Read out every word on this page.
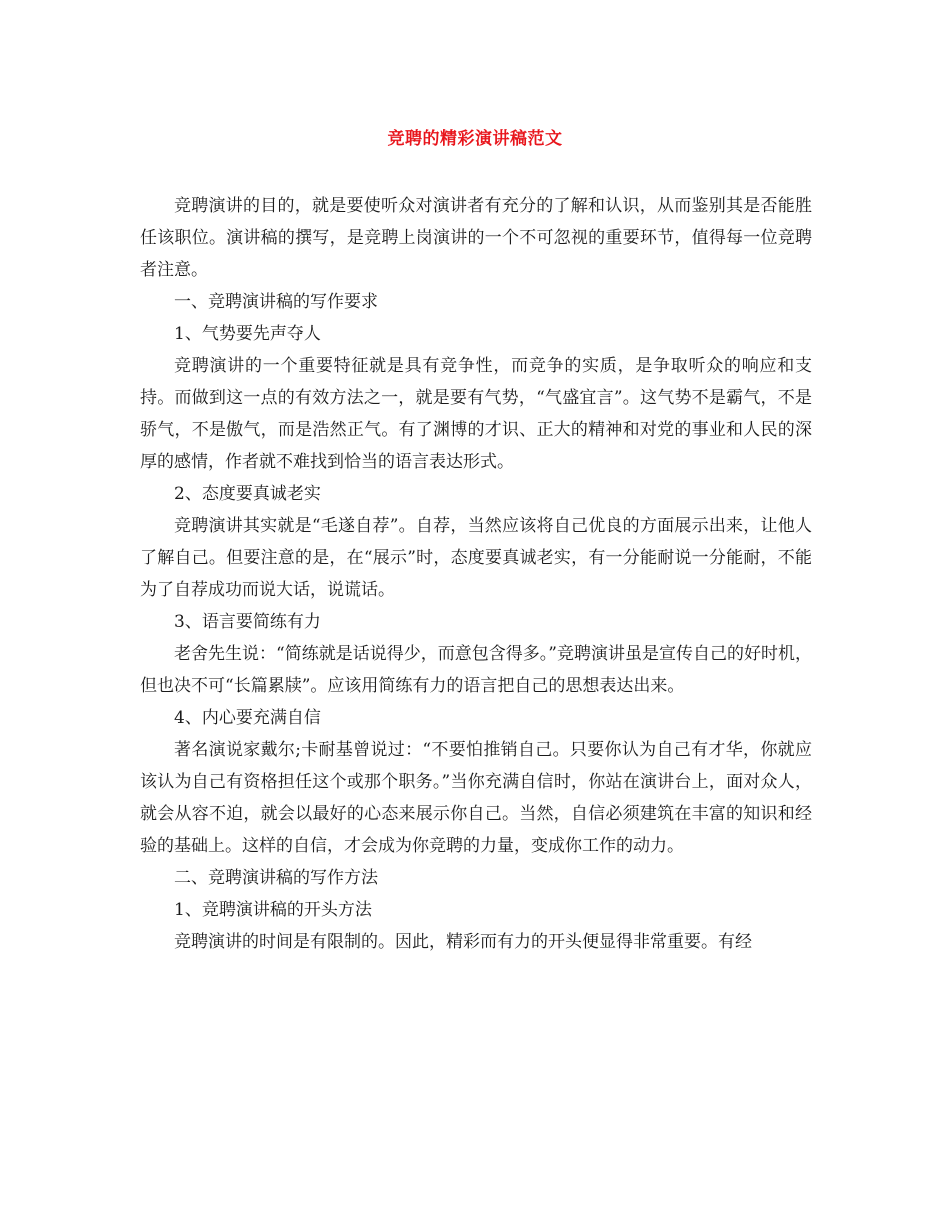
竞聘的精彩演讲稿范文

竞聘演讲的目的，就是要使听众对演讲者有充分的了解和认识，从而鉴别其是否能胜任该职位。演讲稿的撰写，是竞聘上岗演讲的一个不可忽视的重要环节，值得每一位竞聘者注意。

一、竞聘演讲稿的写作要求

1、气势要先声夺人

竞聘演讲的一个重要特征就是具有竞争性，而竞争的实质，是争取听众的响应和支持。而做到这一点的有效方法之一，就是要有气势，“气盛宜言”。这气势不是霸气，不是骄气，不是傲气，而是浩然正气。有了渊博的才识、正大的精神和对党的事业和人民的深厚的感情，作者就不难找到恰当的语言表达形式。

2、态度要真诚老实

竞聘演讲其实就是“毛遂自荐”。自荐，当然应该将自己优良的方面展示出来，让他人了解自己。但要注意的是，在“展示”时，态度要真诚老实，有一分能耐说一分能耐，不能为了自荐成功而说大话，说谎话。

3、语言要简练有力

老舍先生说：“简练就是话说得少，而意包含得多。”竞聘演讲虽是宣传自己的好时机，但也决不可“长篇累牍”。应该用简练有力的语言把自己的思想表达出来。

4、内心要充满自信

著名演说家戴尔;卡耐基曾说过：“不要怕推销自己。只要你认为自己有才华，你就应该认为自己有资格担任这个或那个职务。”当你充满自信时，你站在演讲台上，面对众人，就会从容不迫，就会以最好的心态来展示你自己。当然，自信必须建筑在丰富的知识和经验的基础上。这样的自信，才会成为你竞聘的力量，变成你工作的动力。

二、竞聘演讲稿的写作方法

1、竞聘演讲稿的开头方法

竞聘演讲的时间是有限制的。因此，精彩而有力的开头便显得非常重要。有经
